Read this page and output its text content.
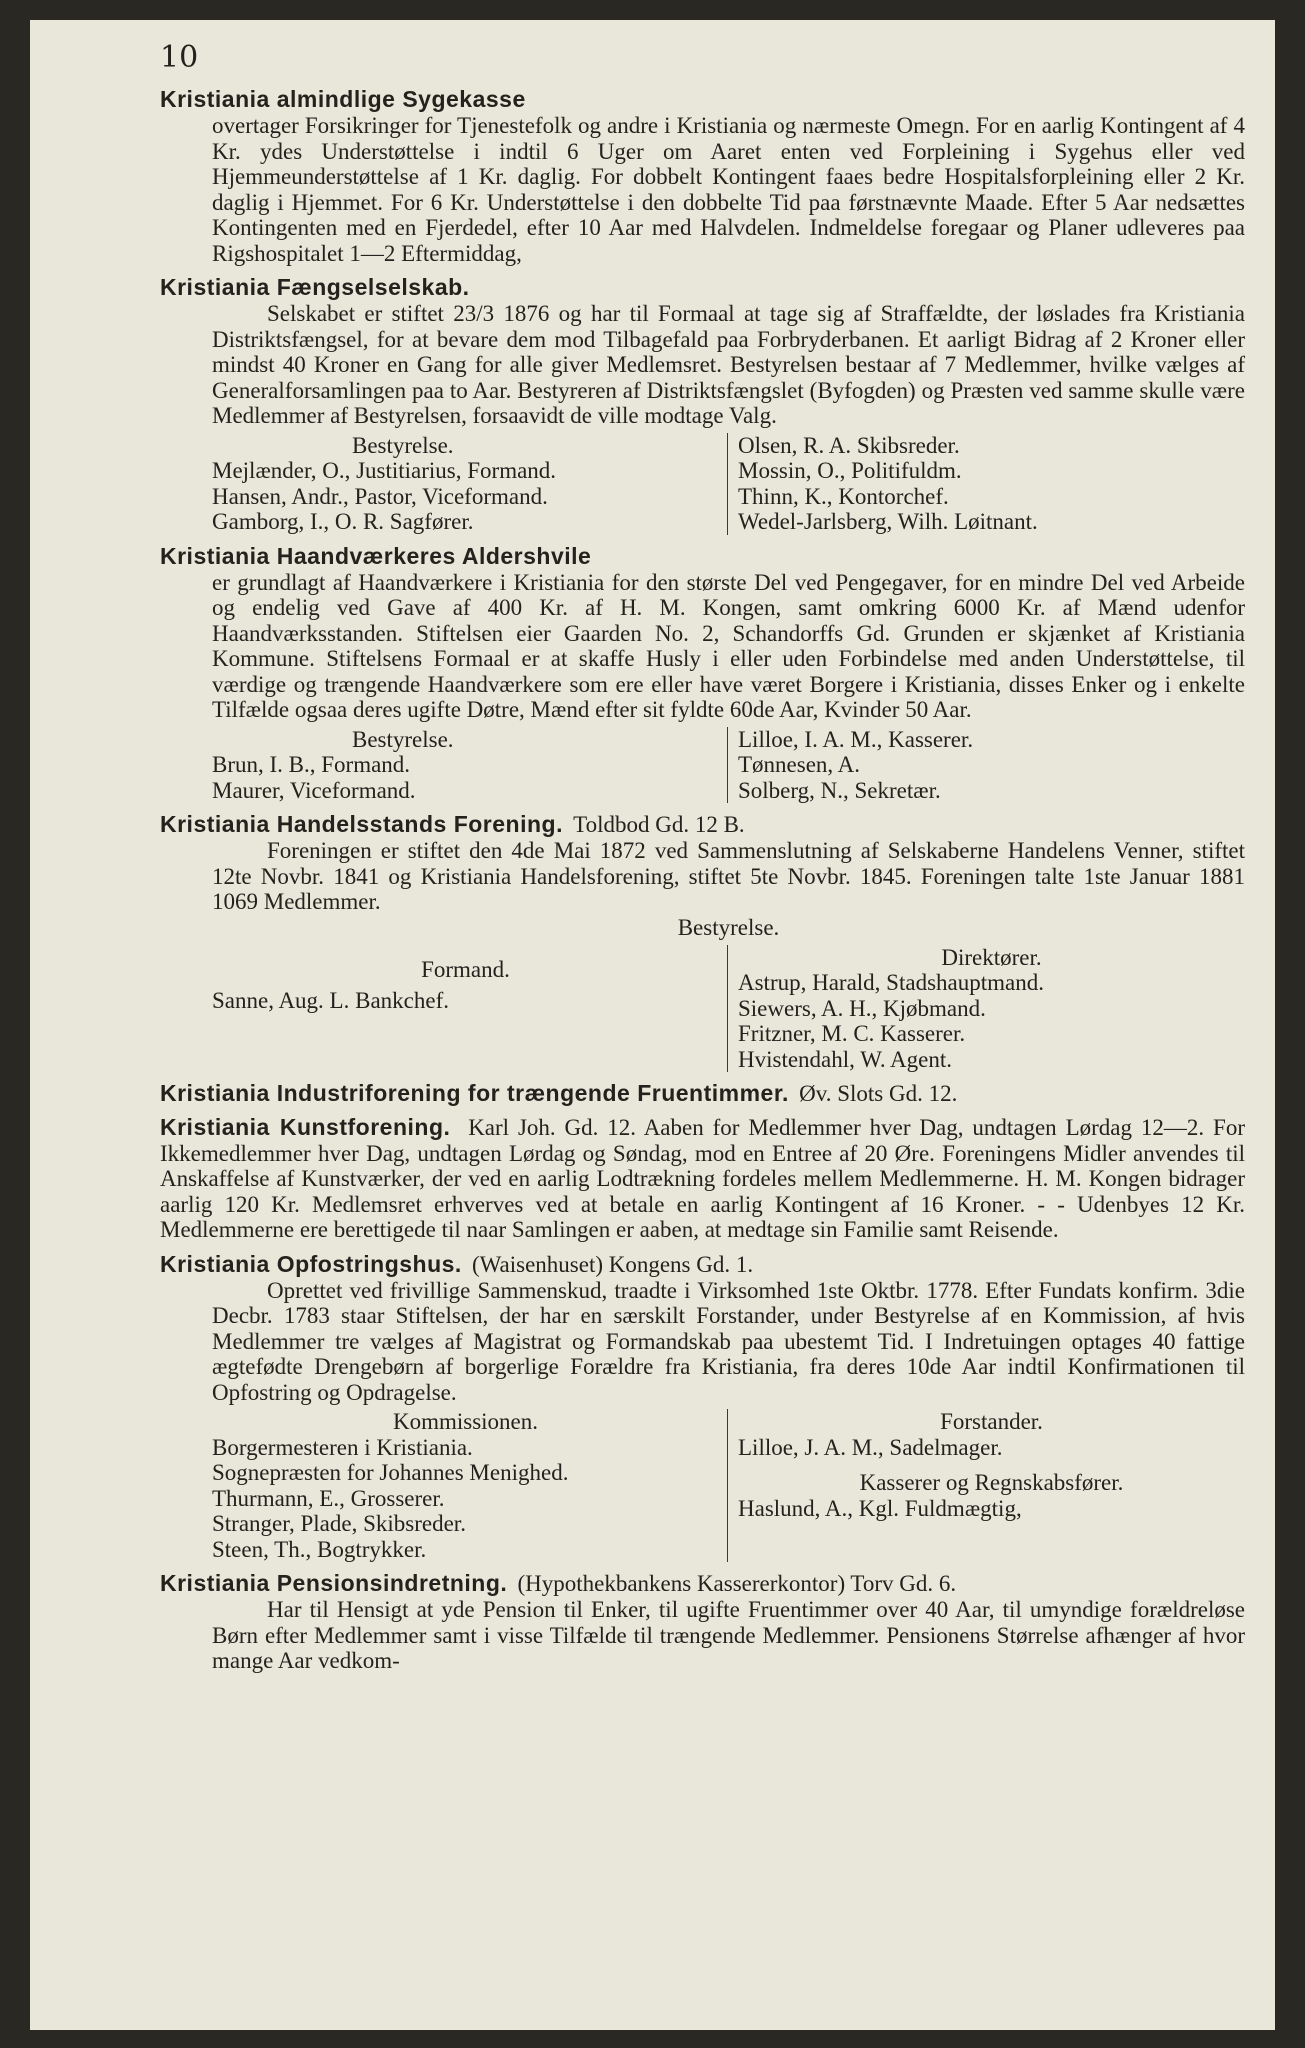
10
Kristiania almindlige Sygekasse
overtager Forsikringer for Tjenestefolk og andre i Kristiania og nærmeste Omegn. For en aarlig Kontingent af 4 Kr. ydes Understøttelse i indtil 6 Uger om Aaret enten ved Forpleining i Sygehus eller ved Hjemmeunderstøttelse af 1 Kr. daglig. For dobbelt Kontingent faaes bedre Hospitalsforpleining eller 2 Kr. daglig i Hjemmet. For 6 Kr. Understøttelse i den dobbelte Tid paa førstnævnte Maade. Efter 5 Aar nedsættes Kontingenten med en Fjerdedel, efter 10 Aar med Halvdelen. Indmeldelse foregaar og Planer udleveres paa Rigshospitalet 1—2 Eftermiddag,
Kristiania Fængselselskab.
Selskabet er stiftet 23/3 1876 og har til Formaal at tage sig af Straffældte, der løslades fra Kristiania Distriktsfængsel, for at bevare dem mod Tilbagefald paa Forbryderbanen. Et aarligt Bidrag af 2 Kroner eller mindst 40 Kroner en Gang for alle giver Medlemsret. Bestyrelsen bestaar af 7 Medlemmer, hvilke vælges af Generalforsamlingen paa to Aar. Bestyreren af Distriktsfængslet (Byfogden) og Præsten ved samme skulle være Medlemmer af Bestyrelsen, forsaavidt de ville modtage Valg.
Bestyrelse.
Mejlænder, O., Justitiarius, Formand.
Hansen, Andr., Pastor, Viceformand.
Gamborg, I., O. R. Sagfører.
Olsen, R. A. Skibsreder.
Mossin, O., Politifuldm.
Thinn, K., Kontorchef.
Wedel-Jarlsberg, Wilh. Løitnant.
Kristiania Haandværkeres Aldershvile
er grundlagt af Haandværkere i Kristiania for den største Del ved Pengegaver, for en mindre Del ved Arbeide og endelig ved Gave af 400 Kr. af H. M. Kongen, samt omkring 6000 Kr. af Mænd udenfor Haandværksstanden. Stiftelsen eier Gaarden No. 2, Schandorffs Gd. Grunden er skjænket af Kristiania Kommune. Stiftelsens Formaal er at skaffe Husly i eller uden Forbindelse med anden Understøttelse, til værdige og trængende Haandværkere som ere eller have været Borgere i Kristiania, disses Enker og i enkelte Tilfælde ogsaa deres ugifte Døtre, Mænd efter sit fyldte 60de Aar, Kvinder 50 Aar.
Bestyrelse.
Brun, I. B., Formand.
Maurer, Viceformand.
Lilloe, I. A. M., Kasserer.
Tønnesen, A.
Solberg, N., Sekretær.
Kristiania Handelsstands Forening. Toldbod Gd. 12 B.
Foreningen er stiftet den 4de Mai 1872 ved Sammenslutning af Selskaberne Handelens Venner, stiftet 12te Novbr. 1841 og Kristiania Handelsforening, stiftet 5te Novbr. 1845. Foreningen talte 1ste Januar 1881 1069 Medlemmer.
Bestyrelse.
Formand.
Sanne, Aug. L. Bankchef.
Direktører.
Astrup, Harald, Stadshauptmand.
Siewers, A. H., Kjøbmand.
Fritzner, M. C. Kasserer.
Hvistendahl, W. Agent.
Kristiania Industriforening for trængende Fruentimmer. Øv. Slots Gd. 12.
Kristiania Kunstforening. Karl Joh. Gd. 12. Aaben for Medlemmer hver Dag, undtagen Lørdag 12—2. For Ikkemedlemmer hver Dag, undtagen Lørdag og Søndag, mod en Entree af 20 Øre. Foreningens Midler anvendes til Anskaffelse af Kunstværker, der ved en aarlig Lodtrækning fordeles mellem Medlemmerne. H. M. Kongen bidrager aarlig 120 Kr. Medlemsret erhverves ved at betale en aarlig Kontingent af 16 Kroner. - - Udenbyes 12 Kr. Medlemmerne ere berettigede til naar Samlingen er aaben, at medtage sin Familie samt Reisende.
Kristiania Opfostringshus. (Waisenhuset) Kongens Gd. 1.
Oprettet ved frivillige Sammenskud, traadte i Virksomhed 1ste Oktbr. 1778. Efter Fundats konfirm. 3die Decbr. 1783 staar Stiftelsen, der har en særskilt Forstander, under Bestyrelse af en Kommission, af hvis Medlemmer tre vælges af Magistrat og Formandskab paa ubestemt Tid. I Indretuingen optages 40 fattige ægtefødte Drengebørn af borgerlige Forældre fra Kristiania, fra deres 10de Aar indtil Konfirmationen til Opfostring og Opdragelse.
Kommissionen.
Borgermesteren i Kristiania.
Sognepræsten for Johannes Menighed.
Thurmann, E., Grosserer.
Stranger, Plade, Skibsreder.
Steen, Th., Bogtrykker.
Forstander.
Lilloe, J. A. M., Sadelmager.
Kasserer og Regnskabsfører.
Haslund, A., Kgl. Fuldmægtig,
Kristiania Pensionsindretning. (Hypothekbankens Kassererkontor) Torv Gd. 6.
Har til Hensigt at yde Pension til Enker, til ugifte Fruentimmer over 40 Aar, til umyndige forældreløse Børn efter Medlemmer samt i visse Tilfælde til trængende Medlemmer. Pensionens Størrelse afhænger af hvor mange Aar vedkom-
